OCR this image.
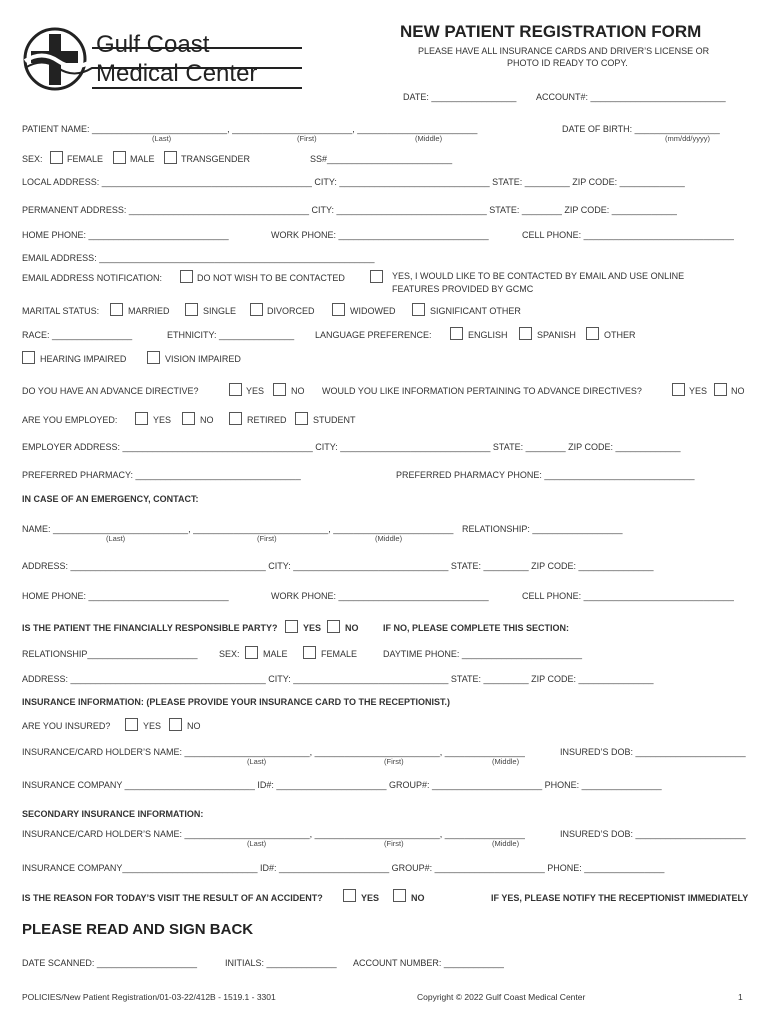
Gulf Coast
Medical Center
NEW PATIENT REGISTRATION FORM
PLEASE HAVE ALL INSURANCE CARDS AND DRIVER’S LICENSE OR
PHOTO ID READY TO COPY.
DATE: _________________ ACCOUNT#: ___________________________
PATIENT NAME: ___________________________, ________________________, ________________________
(Last)	(First)	(Middle)
DATE OF BIRTH: _________________
(mm/dd/yyyy)
SEX:	FEMALE	MALE	TRANSGENDER	SS#_________________________
LOCAL ADDRESS: __________________________________________ CITY: ______________________________ STATE: _________ ZIP CODE: _____________
PERMANENT ADDRESS: ____________________________________ CITY: ______________________________ STATE: ________ ZIP CODE: _____________
HOME PHONE: ____________________________	WORK PHONE: ______________________________	CELL PHONE: ______________________________
EMAIL ADDRESS: _______________________________________________________
EMAIL ADDRESS NOTIFICATION:	DO NOT WISH TO BE CONTACTED	YES, I WOULD LIKE TO BE CONTACTED BY EMAIL AND USE ONLINE
FEATURES PROVIDED BY GCMC
MARITAL STATUS:	MARRIED	SINGLE	DIVORCED	WIDOWED	SIGNIFICANT OTHER
RACE: ________________	ETHNICITY: _______________ LANGUAGE PREFERENCE:	ENGLISH	SPANISH	OTHER
HEARING IMPAIRED	VISION IMPAIRED
DO YOU HAVE AN ADVANCE DIRECTIVE?	YES	NO WOULD YOU LIKE INFORMATION PERTAINING TO ADVANCE DIRECTIVES?	YES	NO
ARE YOU EMPLOYED:	YES	NO	RETIRED	STUDENT
EMPLOYER ADDRESS: ______________________________________ CITY: ______________________________ STATE: ________ ZIP CODE: _____________
PREFERRED PHARMACY: _________________________________	PREFERRED PHARMACY PHONE: ______________________________
IN CASE OF AN EMERGENCY, CONTACT:
NAME: ___________________________, ___________________________, ________________________
(Last)	(First)	(Middle)
RELATIONSHIP: __________________
ADDRESS: _______________________________________ CITY: _______________________________ STATE: _________ ZIP CODE: _______________
HOME PHONE: ____________________________	WORK PHONE: ______________________________	CELL PHONE: ______________________________
IS THE PATIENT THE FINANCIALLY RESPONSIBLE PARTY?	YES	NO	IF NO, PLEASE COMPLETE THIS SECTION:
RELATIONSHIP______________________ SEX:	MALE	FEMALE	DAYTIME PHONE: ________________________
ADDRESS: _______________________________________ CITY: _______________________________ STATE: _________ ZIP CODE: _______________
INSURANCE INFORMATION: (PLEASE PROVIDE YOUR INSURANCE CARD TO THE RECEPTIONIST.)
ARE YOU INSURED?	YES	NO
INSURANCE/CARD HOLDER’S NAME: _________________________, _________________________, ________________
(Last)	(First)	(Middle)
INSURED’S DOB: ______________________
INSURANCE COMPANY __________________________ ID#: ______________________ GROUP#: ______________________ PHONE: ________________
SECONDARY INSURANCE INFORMATION:
INSURANCE/CARD HOLDER’S NAME: _________________________, _________________________, ________________
(Last)	(First)	(Middle)
INSURED’S DOB: ______________________
INSURANCE COMPANY___________________________ ID#: ______________________ GROUP#: ______________________ PHONE: ________________
IS THE REASON FOR TODAY’S VISIT THE RESULT OF AN ACCIDENT?	YES	NO	IF YES, PLEASE NOTIFY THE RECEPTIONIST IMMEDIATELY
PLEASE READ AND SIGN BACK
DATE SCANNED: ____________________	INITIALS: ______________ ACCOUNT NUMBER: ____________
POLICIES/New Patient Registration/01-03-22/412B - 1519.1 - 3301	Copyright © 2022 Gulf Coast Medical Center	1
